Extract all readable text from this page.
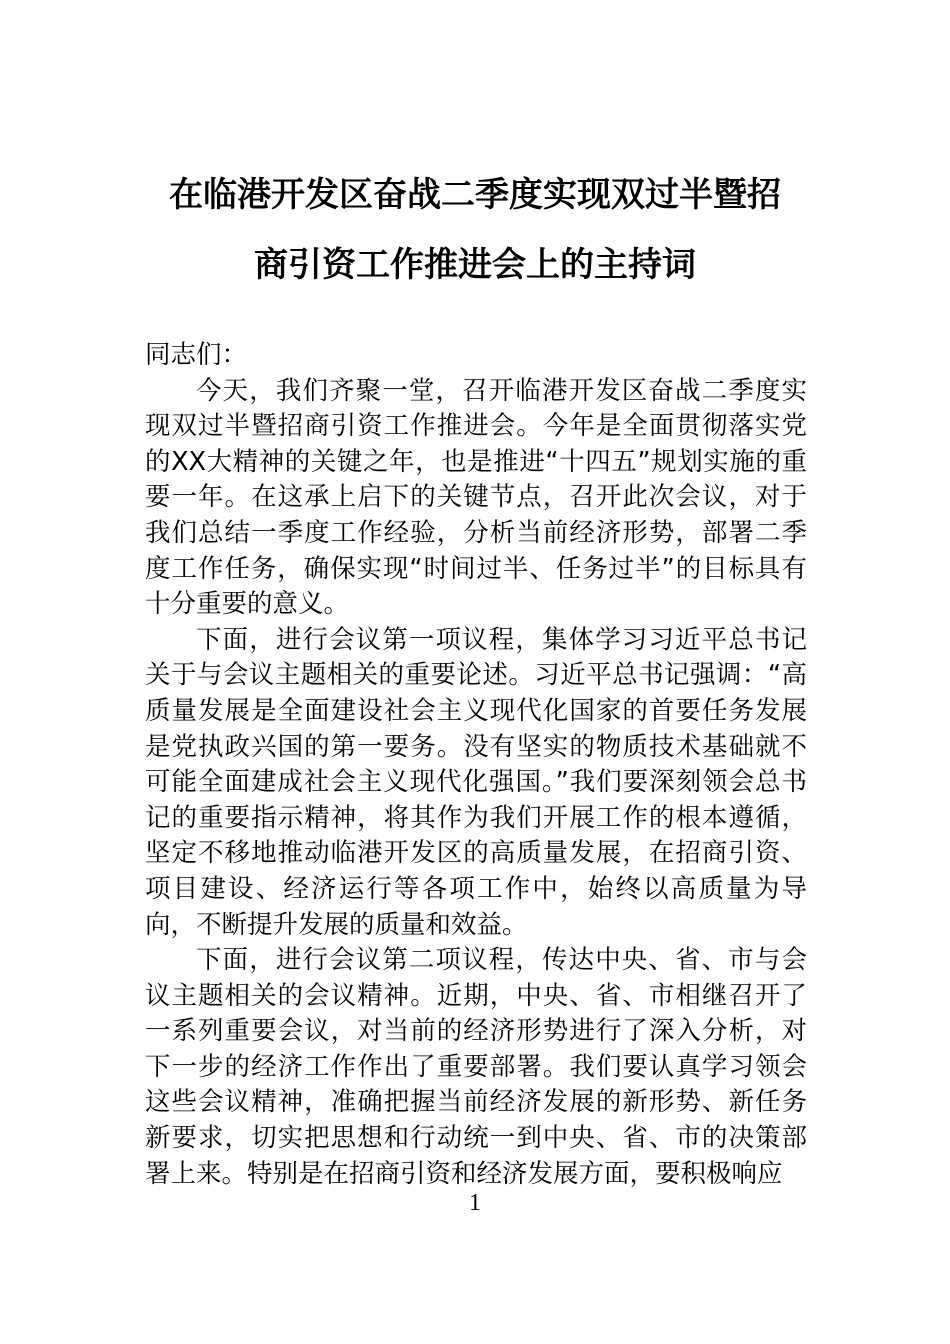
在临港开发区奋战二季度实现双过半暨招
商引资工作推进会上的主持词

同志们：

今天，我们齐聚一堂，召开临港开发区奋战二季度实现双过半暨招商引资工作推进会。今年是全面贯彻落实党的XX大精神的关键之年，也是推进“十四五”规划实施的重要一年。在这承上启下的关键节点，召开此次会议，对于我们总结一季度工作经验，分析当前经济形势，部署二季度工作任务，确保实现“时间过半、任务过半”的目标具有十分重要的意义。

下面，进行会议第一项议程，集体学习习近平总书记关于与会议主题相关的重要论述。习近平总书记强调：“高质量发展是全面建设社会主义现代化国家的首要任务发展是党执政兴国的第一要务。没有坚实的物质技术基础就不可能全面建成社会主义现代化强国。”我们要深刻领会总书记的重要指示精神，将其作为我们开展工作的根本遵循，坚定不移地推动临港开发区的高质量发展，在招商引资、项目建设、经济运行等各项工作中，始终以高质量为导向，不断提升发展的质量和效益。

下面，进行会议第二项议程，传达中央、省、市与会议主题相关的会议精神。近期，中央、省、市相继召开了一系列重要会议，对当前的经济形势进行了深入分析，对下一步的经济工作作出了重要部署。我们要认真学习领会这些会议精神，准确把握当前经济发展的新形势、新任务新要求，切实把思想和行动统一到中央、省、市的决策部署上来。特别是在招商引资和经济发展方面，要积极响应

1
